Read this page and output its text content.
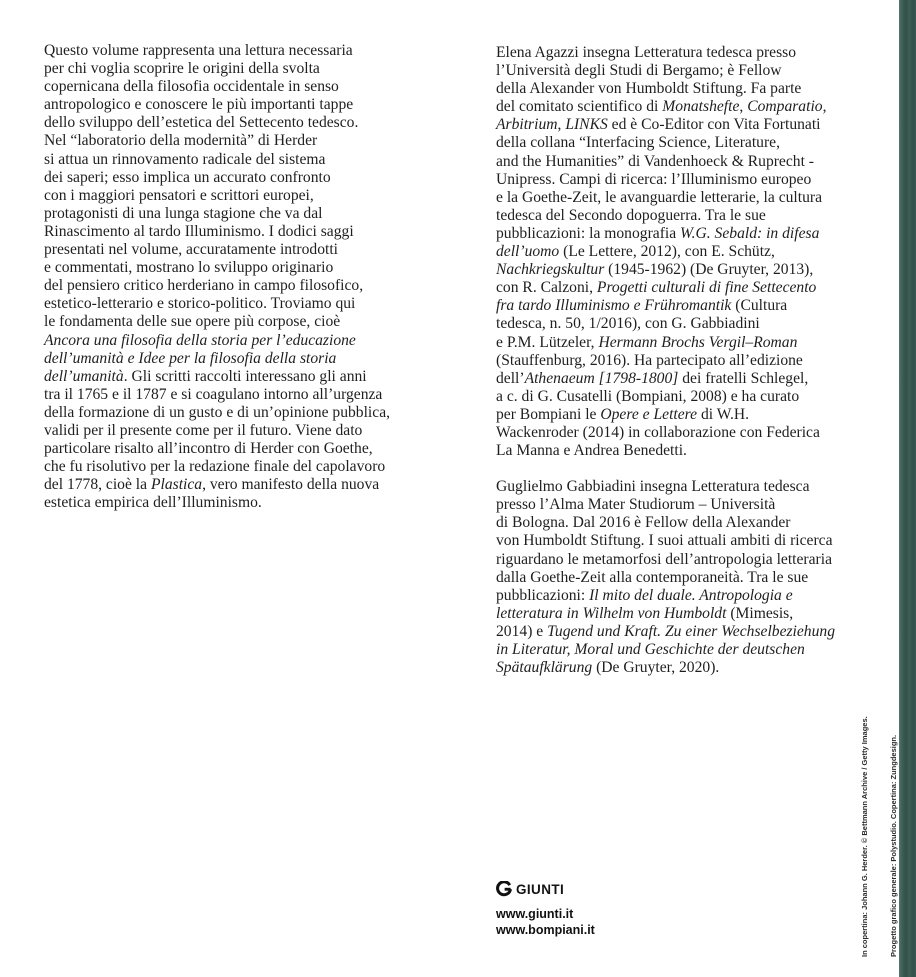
Questo volume rappresenta una lettura necessaria
per chi voglia scoprire le origini della svolta
copernicana della filosofia occidentale in senso
antropologico e conoscere le più importanti tappe
dello sviluppo dell’estetica del Settecento tedesco.
Nel “laboratorio della modernità” di Herder
si attua un rinnovamento radicale del sistema
dei saperi; esso implica un accurato confronto
con i maggiori pensatori e scrittori europei,
protagonisti di una lunga stagione che va dal
Rinascimento al tardo Illuminismo. I dodici saggi
presentati nel volume, accuratamente introdotti
e commentati, mostrano lo sviluppo originario
del pensiero critico herderiano in campo filosofico,
estetico-letterario e storico-politico. Troviamo qui
le fondamenta delle sue opere più corpose, cioè
Ancora una filosofia della storia per l’educazione
dell’umanità e Idee per la filosofia della storia
dell’umanità. Gli scritti raccolti interessano gli anni
tra il 1765 e il 1787 e si coagulano intorno all’urgenza
della formazione di un gusto e di un’opinione pubblica,
validi per il presente come per il futuro. Viene dato
particolare risalto all’incontro di Herder con Goethe,
che fu risolutivo per la redazione finale del capolavoro
del 1778, cioè la Plastica, vero manifesto della nuova
estetica empirica dell’Illuminismo.
Elena Agazzi insegna Letteratura tedesca presso
l’Università degli Studi di Bergamo; è Fellow
della Alexander von Humboldt Stiftung. Fa parte
del comitato scientifico di Monatshefte, Comparatio,
Arbitrium, LINKS ed è Co-Editor con Vita Fortunati
della collana “Interfacing Science, Literature,
and the Humanities” di Vandenhoeck & Ruprecht -
Unipress. Campi di ricerca: l’Illuminismo europeo
e la Goethe-Zeit, le avanguardie letterarie, la cultura
tedesca del Secondo dopoguerra. Tra le sue
pubblicazioni: la monografia W.G. Sebald: in difesa
dell’uomo (Le Lettere, 2012), con E. Schütz,
Nachkriegskultur (1945-1962) (De Gruyter, 2013),
con R. Calzoni, Progetti culturali di fine Settecento
fra tardo Illuminismo e Frühromantik (Cultura
tedesca, n. 50, 1/2016), con G. Gabbiadini
e P.M. Lützeler, Hermann Brochs Vergil–Roman
(Stauffenburg, 2016). Ha partecipato all’edizione
dell’Athenaeum [1798-1800] dei fratelli Schlegel,
a c. di G. Cusatelli (Bompiani, 2008) e ha curato
per Bompiani le Opere e Lettere di W.H.
Wackenroder (2014) in collaborazione con Federica
La Manna e Andrea Benedetti.
Guglielmo Gabbiadini insegna Letteratura tedesca
presso l’Alma Mater Studiorum – Università
di Bologna. Dal 2016 è Fellow della Alexander
von Humboldt Stiftung. I suoi attuali ambiti di ricerca
riguardano le metamorfosi dell’antropologia letteraria
dalla Goethe-Zeit alla contemporaneità. Tra le sue
pubblicazioni: Il mito del duale. Antropologia e
letteratura in Wilhelm von Humboldt (Mimesis,
2014) e Tugend und Kraft. Zu einer Wechselbeziehung
in Literatur, Moral und Geschichte der deutschen
Spätaufklärung (De Gruyter, 2020).
GIUNTI
www.giunti.it
www.bompiani.it

	In copertina: Johann G. Herder. © Bettmann Archive / Getty Images.

	Progetto grafico generale: Polystudio. Copertina: Zungdesign.
